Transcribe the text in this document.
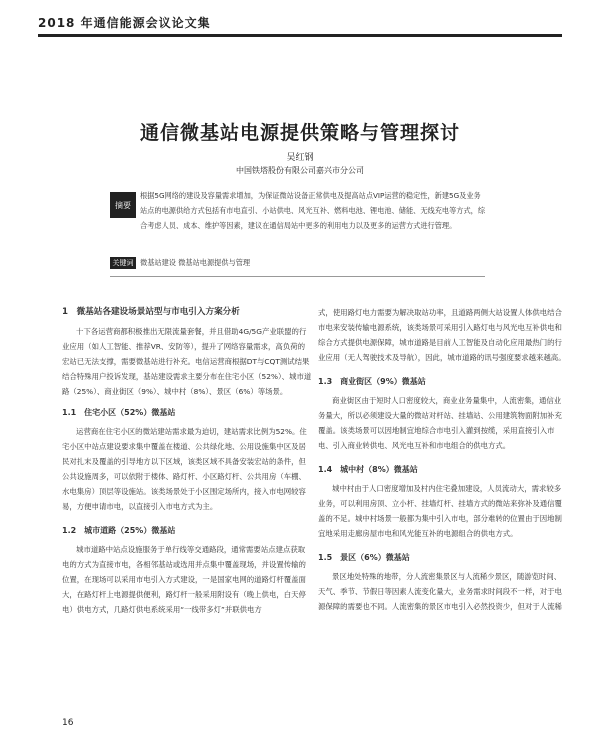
2018 年通信能源会议论文集
通信微基站电源提供策略与管理探讨
吴红钢
中国铁塔股份有限公司嘉兴市分公司
摘要
根据5G网络的建设及容量需求增加，为保证微站设备正常供电及提高站点VIP运营的稳定性，新建5G及业务站点的电源供给方式包括有市电直引、小站供电、风光互补、燃料电池、锂电池、储能、无线充电等方式，综合考虑人员、成本、维护等因素，建议在通信局站中更多的利用电力以及更多的运营方式进行管理。
关键词 微基站建设 微基站电源提供与管理
1　微基站各建设场景站型与市电引入方案分析

十下各运营商都积极推出无限流量套餐，并且借助4G/5G产业联盟的行业应用（如人工智能、推荐VR、安防等），提升了网络容量需求，高负荷的宏站已无法支撑，需要微基站进行补充。电信运营商根据DT与CQT测试结果结合特殊用户投诉发现，基站建设需求主要分布在住宅小区（52%）、城市道路（25%）、商业街区（9%）、城中村（8%）、景区（6%）等场景。

1.1　住宅小区（52%）微基站

运营商在住宅小区的微站建站需求最为迫切，建站需求比例为52%。住宅小区中站点建设要求集中覆盖在楼道、公共绿化地、公用设施集中区及居民对扎末及覆盖的引导地方以下区域，该类区域不具备安装宏站的条件，但公共设施周多，可以依附于楼体、路灯杆、小区路灯杆、公共用房（车棚、水电集房）顶层等设施站。该类场景处于小区围定场所内，接入市电网较容易，方便申请市电，以直接引入市电方式为主。

1.2　城市道路（25%）微基站

城市道路中站点设施服务于单行线等交通路段，通常需要站点建点获取电的方式为直接市电，各相邻基站或选用并点集中覆盖现场，并设置传输的位置，在现场可以采用市电引入方式建设，一是国家电网的道路灯杆覆盖面大，在路灯杆上电源提供便利，路灯杆一般采用附设有（晚上供电，白天停电）供电方式，几路灯供电系统采用“一线带多灯”并联供电方

式，使用路灯电力需要为解决取站功率，且道路两侧大站设置人体供电结合市电来安装传输电源系统，该类场景可采用引入路灯电与风光电互补供电和综合方式提供电源保障，城市道路是目前人工智能及自动化应用最热门的行业应用（无人驾驶技术及导航），因此，城市道路的讯号强度要求越来越高。

1.3　商业街区（9%）微基站

商业街区由于短时人口密度较大，商业业务量集中，人流密集，通信业务量大，所以必须建设大量的微站对杆站、挂墙站、公用建筑物面附加补充覆盖。该类场景可以因地制宜地综合市电引入灌到按缆，采用直接引入市电、引入商业转供电、风光电互补和市电组合的供电方式。

1.4　城中村（8%）微基站

城中村由于人口密度增加及村内住宅叠加建设，人员流动大，需求较多业务，可以利用房顶、立小杆、挂墙灯杆、挂墙方式的微站来弥补及通信覆盖的不足。城中村场景一般都为集中引入市电，部分难转的位置由于因地制宜地采用走廊房屋市电和风光能互补的电源组合的供电方式。

1.5　景区（6%）微基站

景区地处特殊的地带，分人流密集景区与人流稀少景区，随游览时间、天气、季节、节假日等因素人流变化量大，业务需求时间段不一样，对于电源保障的需要也不同。人流密集的景区市电引入必然投资少，但对于人流稀

16
